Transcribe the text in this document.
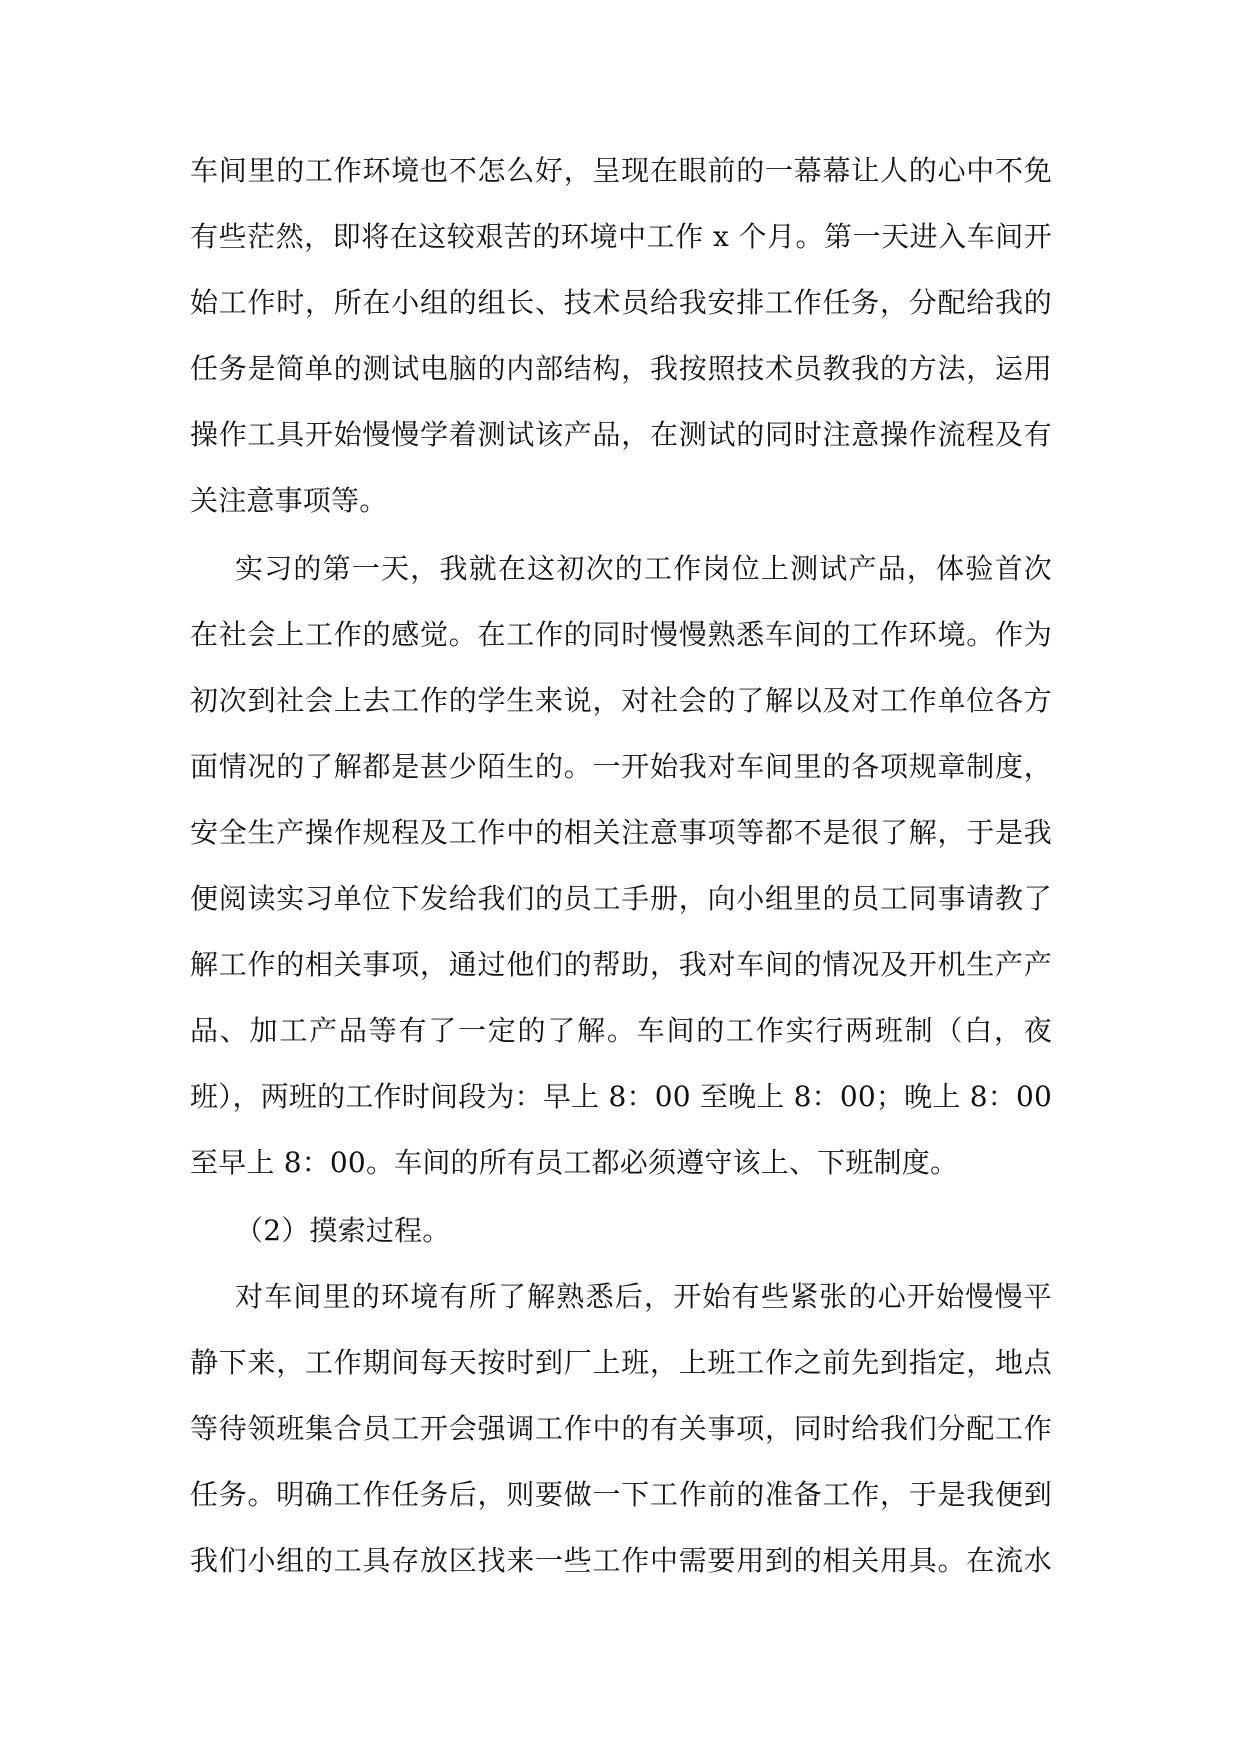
车间里的工作环境也不怎么好，呈现在眼前的一幕幕让人的心中不免
有些茫然，即将在这较艰苦的环境中工作 x 个月。第一天进入车间开
始工作时，所在小组的组长、技术员给我安排工作任务，分配给我的
任务是简单的测试电脑的内部结构，我按照技术员教我的方法，运用
操作工具开始慢慢学着测试该产品，在测试的同时注意操作流程及有
关注意事项等。
实习的第一天，我就在这初次的工作岗位上测试产品，体验首次
在社会上工作的感觉。在工作的同时慢慢熟悉车间的工作环境。作为
初次到社会上去工作的学生来说，对社会的了解以及对工作单位各方
面情况的了解都是甚少陌生的。一开始我对车间里的各项规章制度，
安全生产操作规程及工作中的相关注意事项等都不是很了解，于是我
便阅读实习单位下发给我们的员工手册，向小组里的员工同事请教了
解工作的相关事项，通过他们的帮助，我对车间的情况及开机生产产
品、加工产品等有了一定的了解。车间的工作实行两班制（白，夜
班），两班的工作时间段为：早上 8：00 至晚上 8：00；晚上 8：00
至早上 8：00。车间的所有员工都必须遵守该上、下班制度。
（2）摸索过程。
对车间里的环境有所了解熟悉后，开始有些紧张的心开始慢慢平
静下来，工作期间每天按时到厂上班，上班工作之前先到指定，地点
等待领班集合员工开会强调工作中的有关事项，同时给我们分配工作
任务。明确工作任务后，则要做一下工作前的准备工作，于是我便到
我们小组的工具存放区找来一些工作中需要用到的相关用具。在流水
